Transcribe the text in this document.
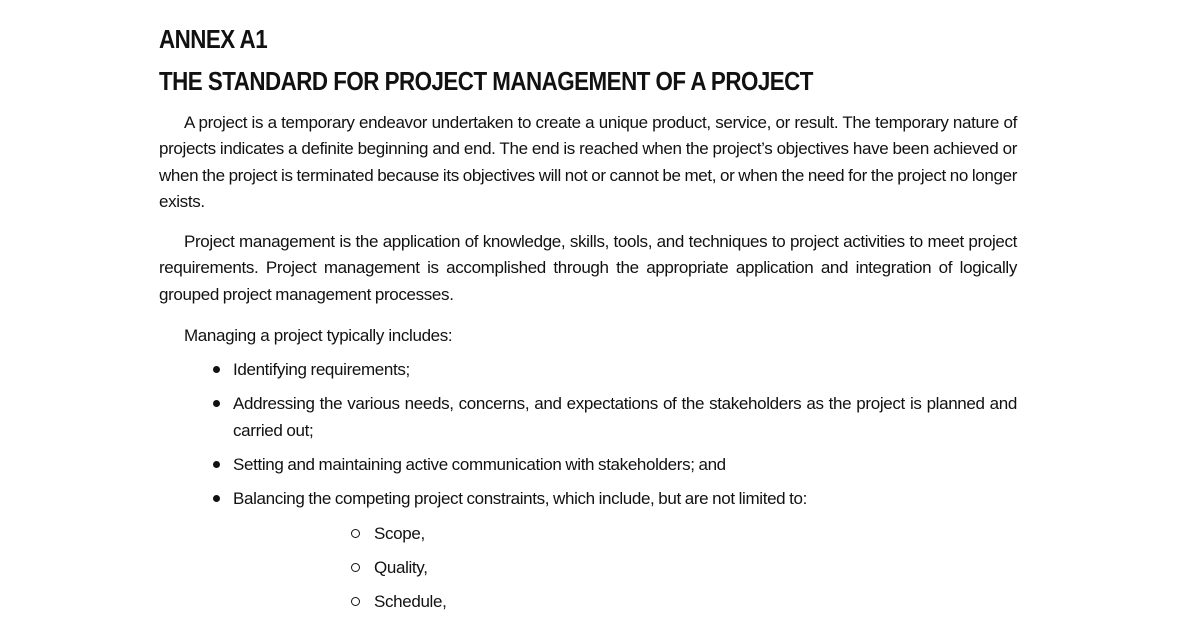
ANNEX A1
THE STANDARD FOR PROJECT MANAGEMENT OF A PROJECT

A project is a temporary endeavor undertaken to create a unique product, service, or result. The temporary nature of projects indicates a definite beginning and end. The end is reached when the project’s objectives have been achieved or when the project is terminated because its objectives will not or cannot be met, or when the need for the project no longer exists.

Project management is the application of knowledge, skills, tools, and techniques to project activities to meet project requirements. Project management is accomplished through the appropriate application and integration of logically grouped project management processes.

Managing a project typically includes:

Identifying requirements;
Addressing the various needs, concerns, and expectations of the stakeholders as the project is planned and carried out;
Setting and maintaining active communication with stakeholders; and
Balancing the competing project constraints, which include, but are not limited to:
Scope,
Quality,
Schedule,
